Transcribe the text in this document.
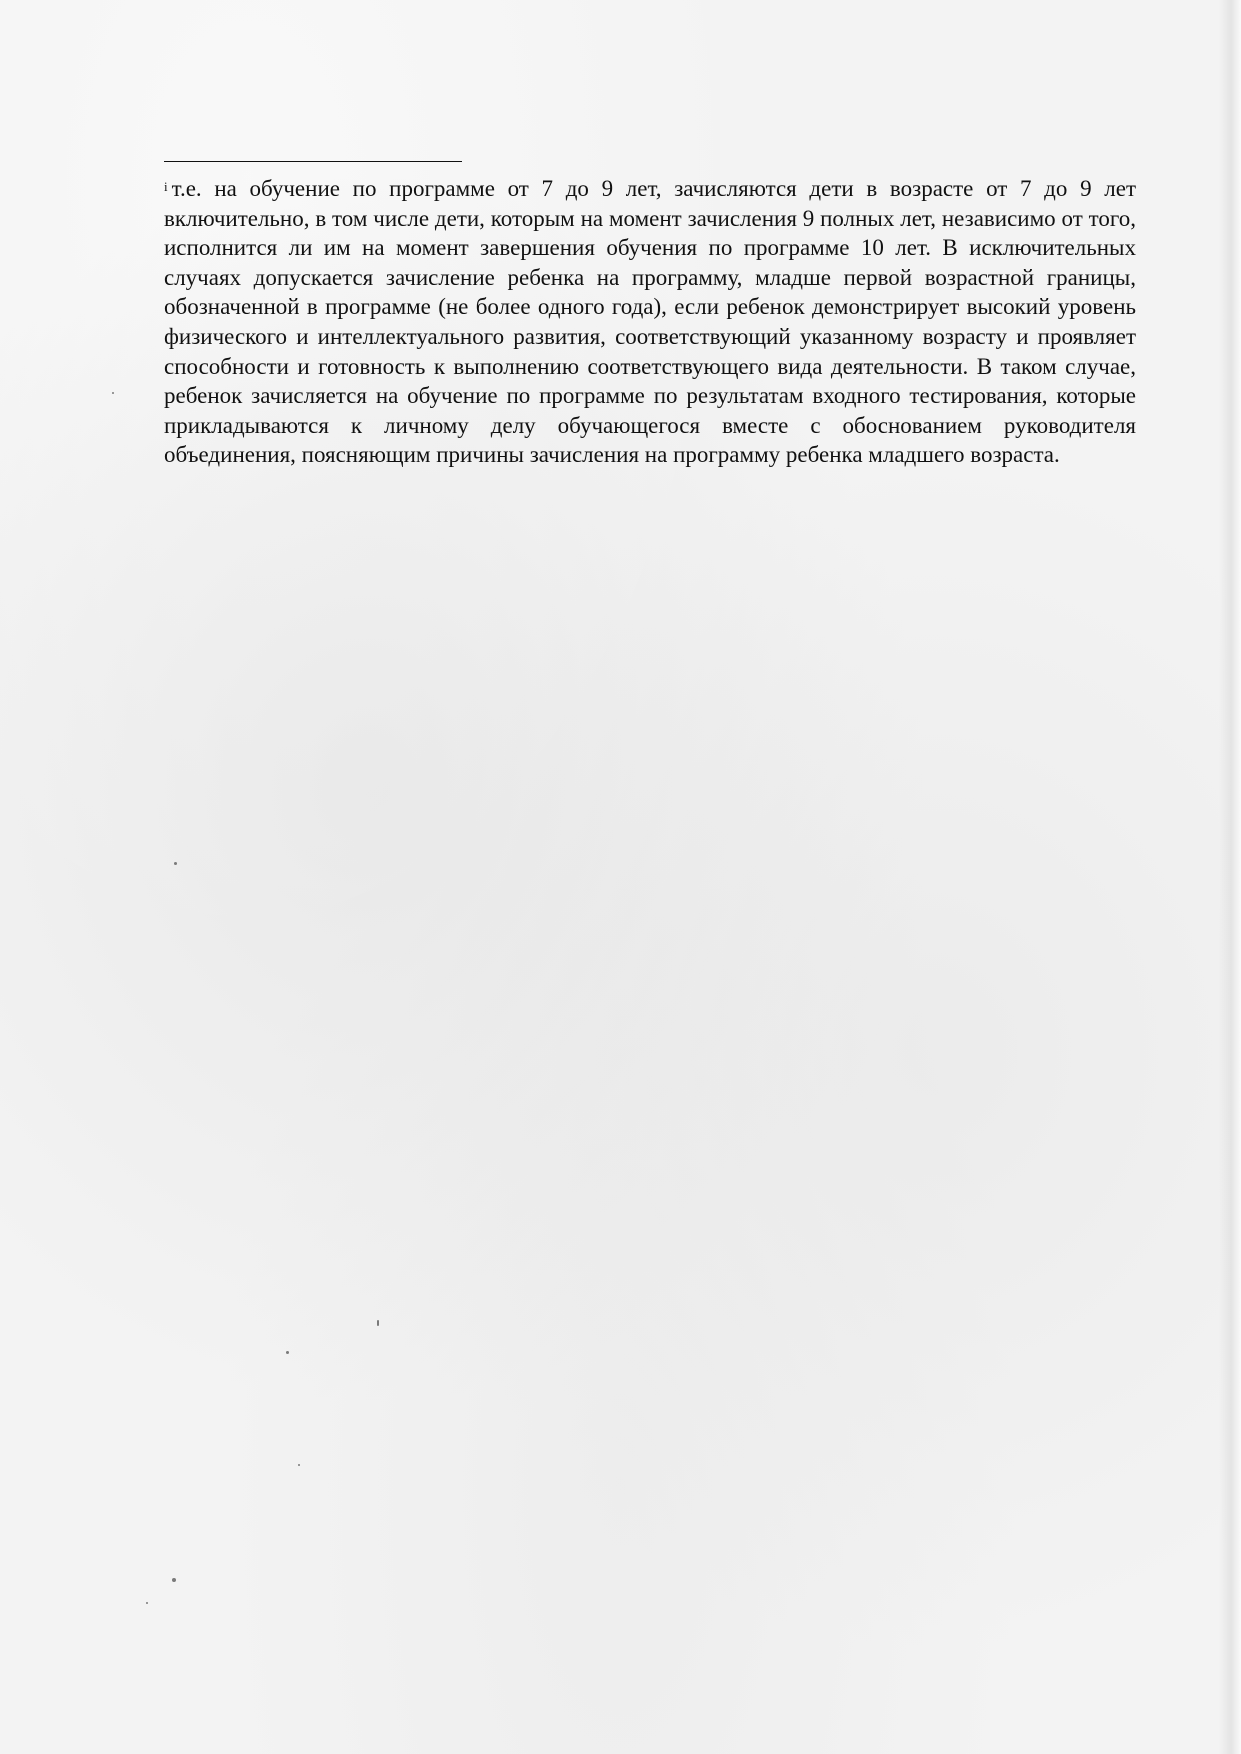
$^i$ т.е. на обучение по программе от 7 до 9 лет, зачисляются дети в возрасте от 7 до 9 лет включительно, в том числе дети, которым на момент зачисления 9 полных лет, независимо от того, исполнится ли им на момент завершения обучения по программе 10 лет. В исключительных случаях допускается зачисление ребенка на программу, младше первой возрастной границы, обозначенной в программе (не более одного года), если ребенок демонстрирует высокий уровень физического и интеллектуального развития, соответствующий указанному возрасту и проявляет способности и готовность к выполнению соответствующего вида деятельности. В таком случае, ребенок зачисляется на обучение по программе по результатам входного тестирования, которые прикладываются к личному делу обучающегося вместе с обоснованием руководителя объединения, поясняющим причины зачисления на программу ребенка младшего возраста.
